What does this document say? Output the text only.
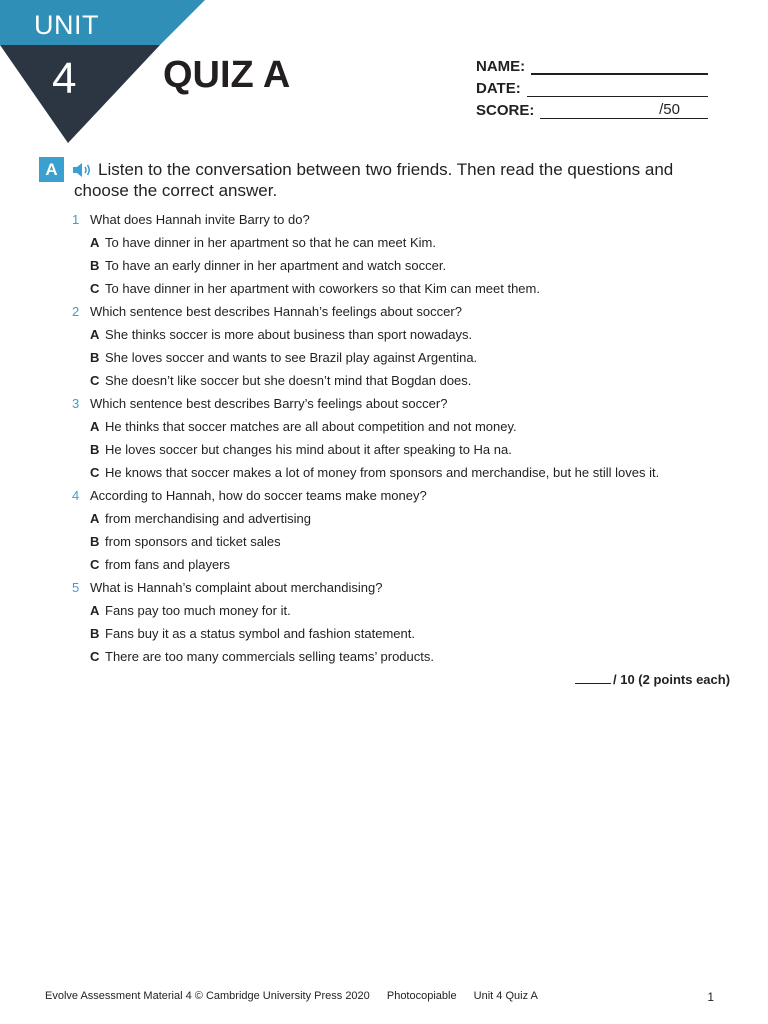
UNIT
4 QUIZ A	NAME:
DATE:
SCORE:	/50
A	Listen to the conversation between two friends. Then read the questions and choose the correct answer.
1 What does Hannah invite Barry to do?
A To have dinner in her apartment so that he can meet Kim.
B To have an early dinner in her apartment and watch soccer.
C To have dinner in her apartment with coworkers so that Kim can meet them.
2 Which sentence best describes Hannah’s feelings about soccer?
A She thinks soccer is more about business than sport nowadays.
B She loves soccer and wants to see Brazil play against Argentina.
C She doesn’t like soccer but she doesn’t mind that Bogdan does.
3 Which sentence best describes Barry’s feelings about soccer?
A He thinks that soccer matches are all about competition and not money.
B He loves soccer but changes his mind about it after speaking to Ha na.
C He knows that soccer makes a lot of money from sponsors and merchandise, but he still loves it.
4 According to Hannah, how do soccer teams make money?
A from merchandising and advertising
B from sponsors and ticket sales
C from fans and players
5 What is Hannah’s complaint about merchandising?
A Fans pay too much money for it.
B Fans buy it as a status symbol and fashion statement.
C There are too many commercials selling teams’ products.
/ 10 (2 points each)
Evolve Assessment Material 4 © Cambridge University Press 2020 Photocopiable Unit 4 Quiz A	1
